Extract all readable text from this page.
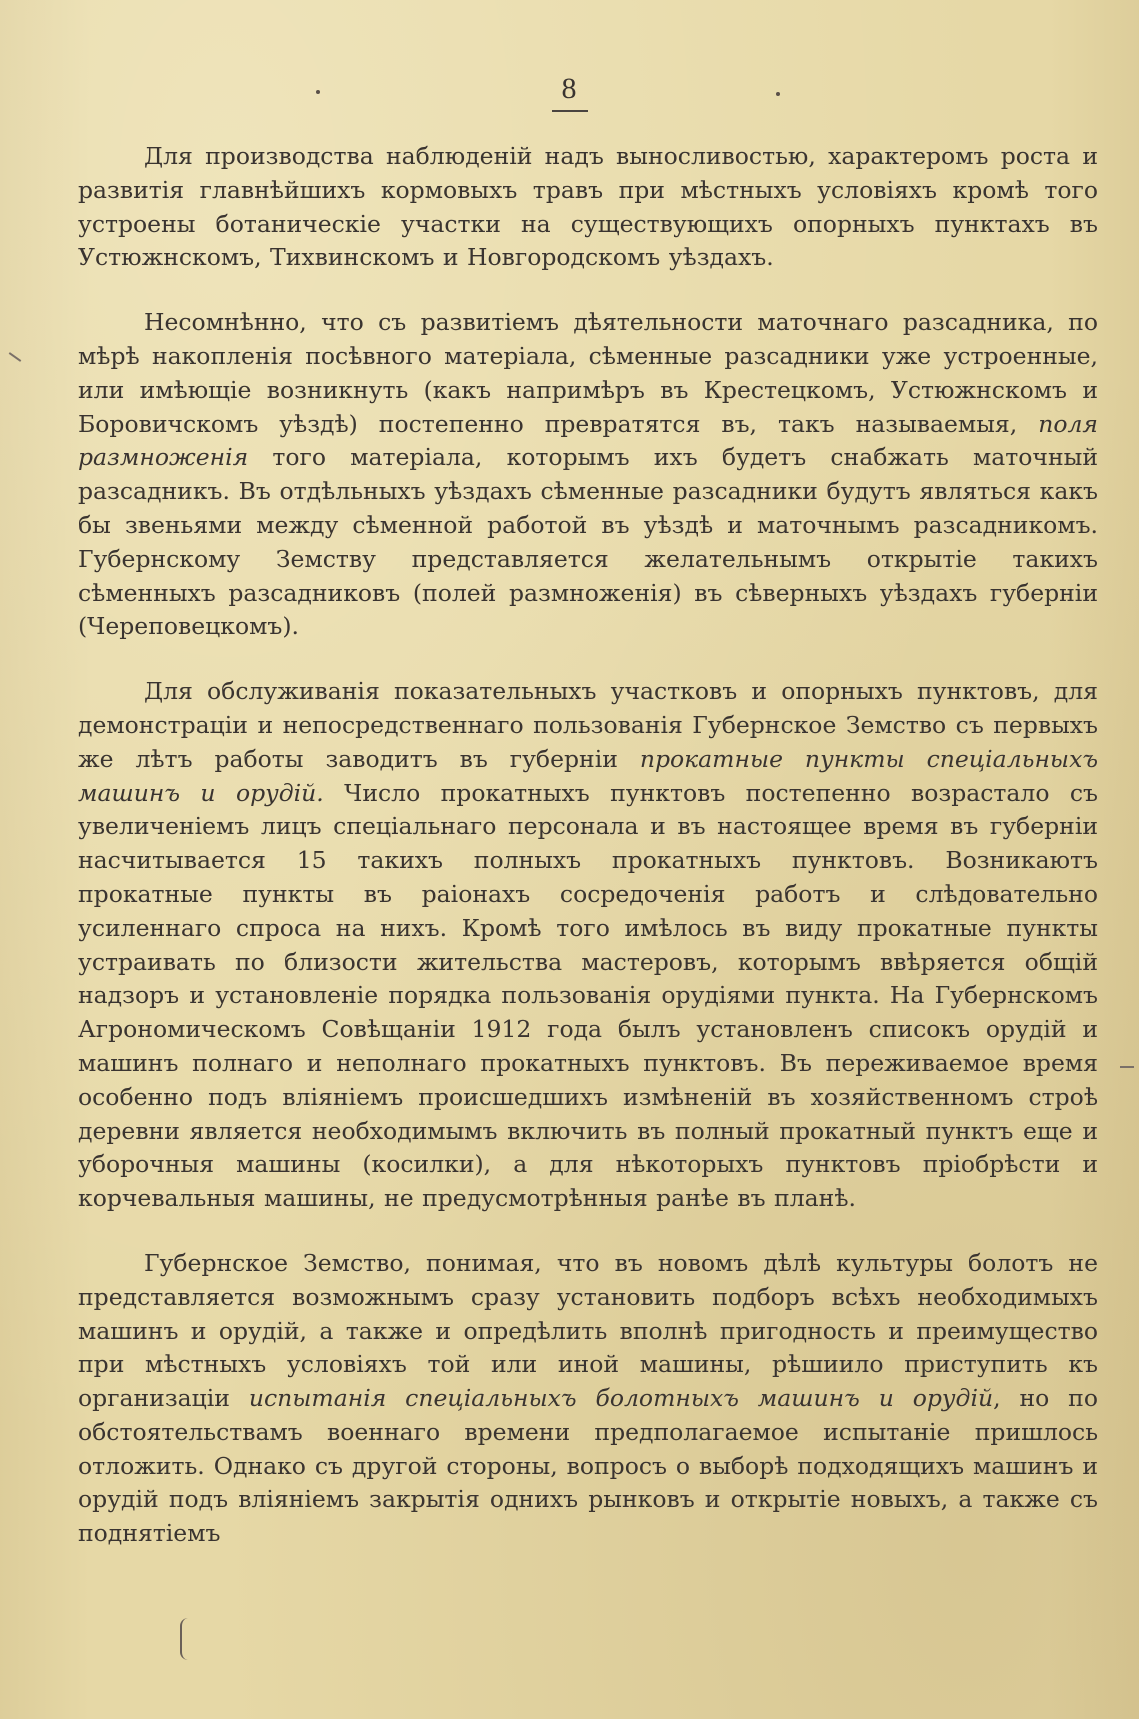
8

Для производства наблюденій надъ выносливостью, характеромъ роста и развитія главнѣйшихъ кормовыхъ травъ при мѣстныхъ условіяхъ кромѣ того устроены ботаническіе участки на существующихъ опорныхъ пунктахъ въ Устюжнскомъ, Тихвинскомъ и Новгородскомъ уѣздахъ.

Несомнѣнно, что съ развитіемъ дѣятельности маточнаго разсадника, по мѣрѣ накопленія посѣвного матеріала, сѣменные разсадники уже устроенные, или имѣющіе возникнуть (какъ напримѣръ въ Крестецкомъ, Устюжнскомъ и Боровичскомъ уѣздѣ) постепенно превратятся въ, такъ называемыя, поля размноженія того матеріала, которымъ ихъ будетъ снабжать маточный разсадникъ. Въ отдѣльныхъ уѣздахъ сѣменные разсадники будутъ являться какъ бы звеньями между сѣменной работой въ уѣздѣ и маточнымъ разсадникомъ. Губернскому Земству представляется желательнымъ открытіе такихъ сѣменныхъ разсадниковъ (полей размноженія) въ сѣверныхъ уѣздахъ губерніи (Череповецкомъ).

Для обслуживанія показательныхъ участковъ и опорныхъ пунктовъ, для демонстраціи и непосредственнаго пользованія Губернское Земство съ первыхъ же лѣтъ работы заводитъ въ губерніи прокатные пункты спеціальныхъ машинъ и орудій. Число прокатныхъ пунктовъ постепенно возрастало съ увеличеніемъ лицъ спеціальнаго персонала и въ настоящее время въ губерніи насчитывается 15 такихъ полныхъ прокатныхъ пунктовъ. Возникаютъ прокатные пункты въ раіонахъ сосредоченія работъ и слѣдовательно усиленнаго спроса на нихъ. Кромѣ того имѣлось въ виду прокатные пункты устраивать по близости жительства мастеровъ, которымъ ввѣряется общій надзоръ и установленіе порядка пользованія орудіями пункта. На Губернскомъ Агрономическомъ Совѣщаніи 1912 года былъ установленъ списокъ орудій и машинъ полнаго и неполнаго прокатныхъ пунктовъ. Въ переживаемое время особенно подъ вліяніемъ происшедшихъ измѣненій въ хозяйственномъ строѣ деревни является необходимымъ включить въ полный прокатный пунктъ еще и уборочныя машины (косилки), а для нѣкоторыхъ пунктовъ пріобрѣсти и корчевальныя машины, не предусмотрѣнныя ранѣе въ планѣ.

Губернское Земство, понимая, что въ новомъ дѣлѣ культуры болотъ не представляется возможнымъ сразу установить подборъ всѣхъ необходимыхъ машинъ и орудій, а также и опредѣлить вполнѣ пригодность и преимущество при мѣстныхъ условіяхъ той или иной машины, рѣшиило приступить къ организаціи испытанія спеціальныхъ болотныхъ машинъ и орудій, но по обстоятельствамъ военнаго времени предполагаемое испытаніе пришлось отложить. Однако съ другой стороны, вопросъ о выборѣ подходящихъ машинъ и орудій подъ вліяніемъ закрытія однихъ рынковъ и открытіе новыхъ, а также съ поднятіемъ
